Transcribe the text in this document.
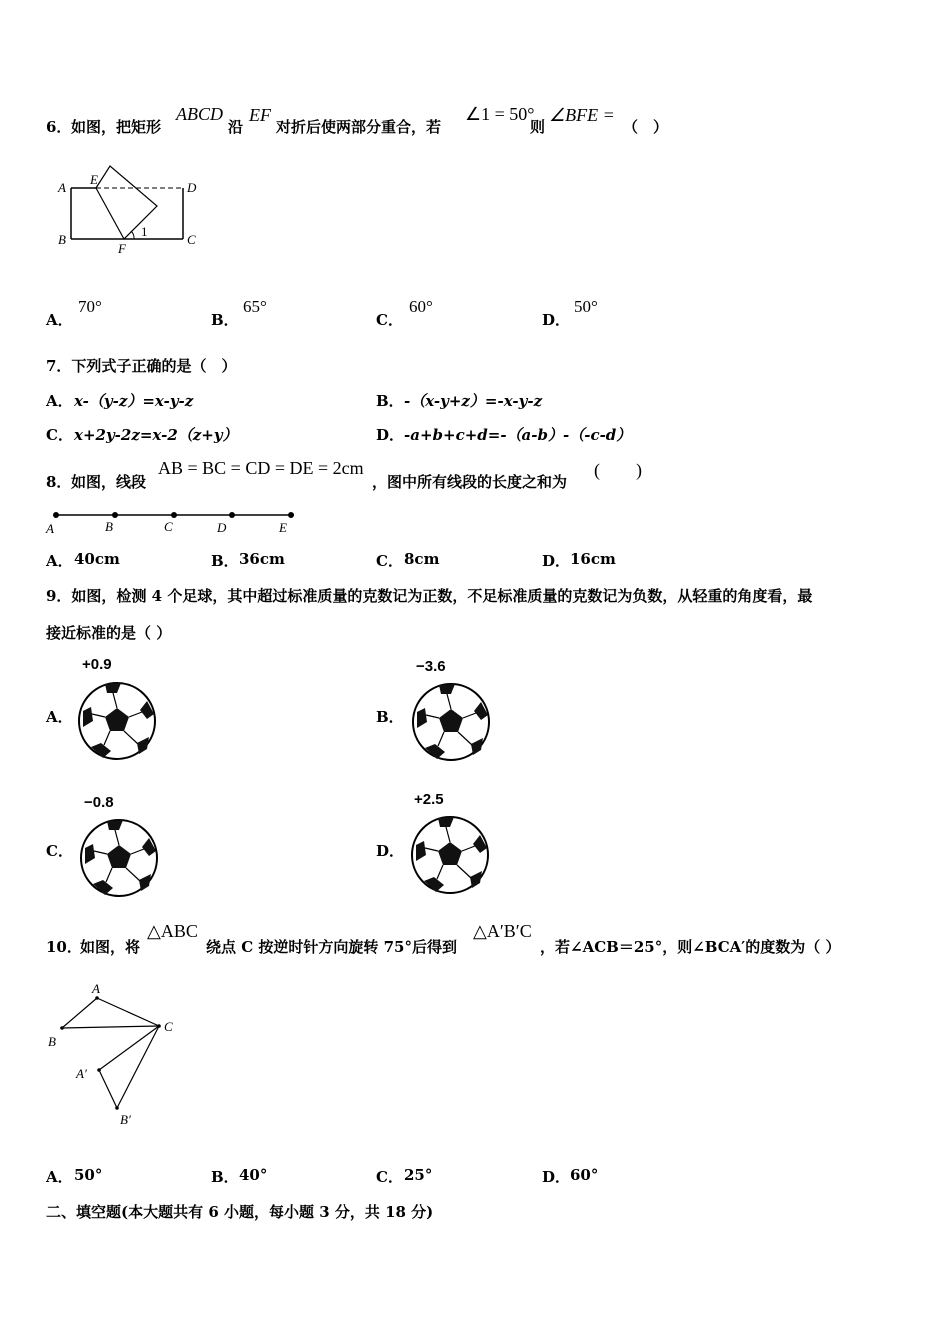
6． 如图，把矩形
ABCD
沿
EF
对折后使两部分重合，若
∠1 = 50°
则
∠BFE =
（　）
A
E
D
B
F
C
1
A．
70°
B．
65°
C．
60°
D．
50°
7．下列式子正确的是（　）
A． x-（y-z）=x-y-z	B． -（x-y+z）=-x-y-z
C． x+2y-2z=x-2（z+y）	D． -a+b+c+d=-（a-b）-（-c-d）
8． 如图，线段
AB = BC = CD = DE = 2cm
，图中所有线段的长度之和为
(　　)
A	B	C	D	E
A． 40cm	B． 36cm	C． 8cm	D． 16cm
9．如图，检测 4 个足球，其中超过标准质量的克数记为正数，不足标准质量的克数记为负数，从轻重的角度看，最
接近标准的是（ ）
A．
+0.9
B．
−3.6
C．
−0.8
D．
+2.5
10．
如图，将
△ABC
绕点 C 按逆时针方向旋转 75°后得到
△A′B′C
，若∠ACB＝25°，则∠BCA′的度数为（ ）
A
B
C
A′
B′
A． 50°	B． 40°	C． 25°	D． 60°
二、填空题(本大题共有 6 小题，每小题 3 分，共 18 分)
